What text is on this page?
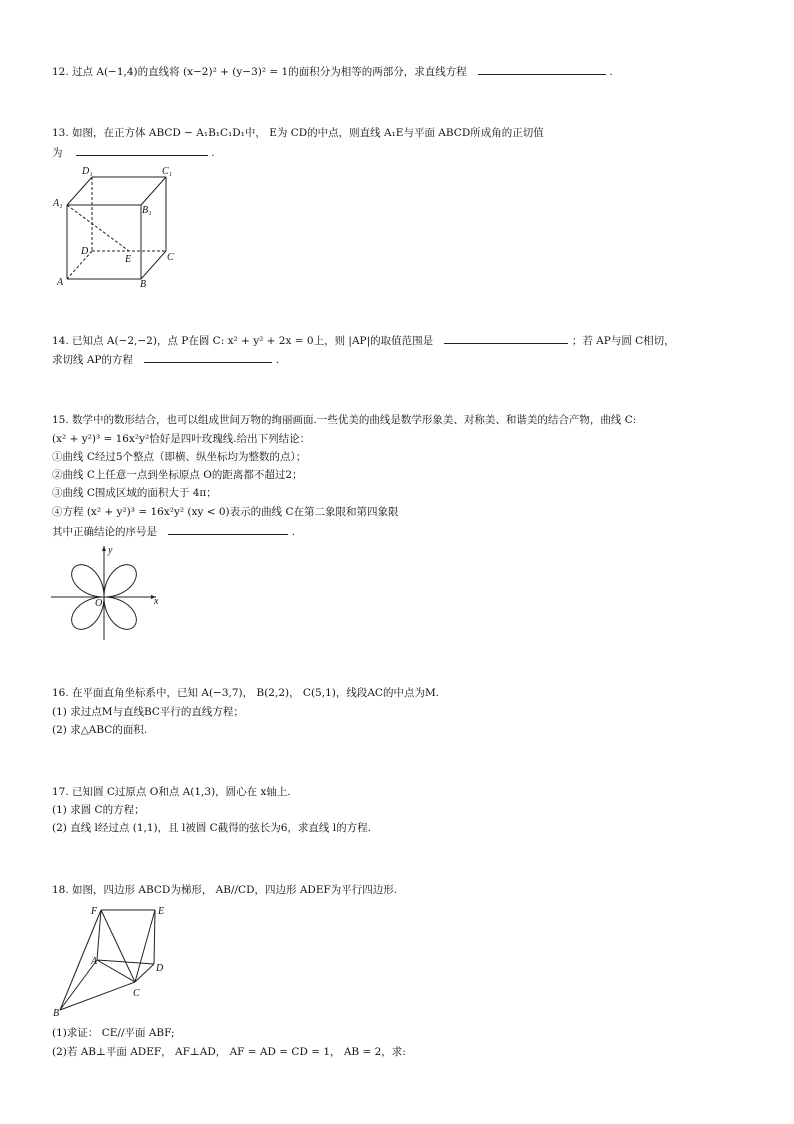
12. 过点 A(−1,4)的直线将 (x−2)² + (y−3)² = 1的面积分为相等的两部分，求直线方程	.
13. 如图，在正方体 ABCD − A₁B₁C₁D₁中， E为 CD的中点，则直线 A₁E与平面 ABCD所成角的正切值
为	.
D₁	C₁
A₁
B₁
D
E	C
A	B
14. 已知点 A(−2,−2)，点 P在圆 C: x² + y² + 2x = 0上，则 |AP|的取值范围是	；若 AP与圆 C相切，
求切线 AP的方程	.
15. 数学中的数形结合，也可以组成世间万物的绚丽画面.一些优美的曲线是数学形象美、对称美、和谐美的结合产物，曲线 C:
(x² + y²)³ = 16x²y²恰好是四叶玫瑰线.给出下列结论：
①曲线 C经过5个整点（即横、纵坐标均为整数的点）；
②曲线 C上任意一点到坐标原点 O的距离都不超过2；
③曲线 C围成区域的面积大于 4π；
④方程 (x² + y²)³ = 16x²y² (xy < 0)表示的曲线 C在第二象限和第四象限
其中正确结论的序号是	.
y
O	x
16. 在平面直角坐标系中，已知 A(−3,7)， B(2,2)， C(5,1)，线段AC的中点为M.
(1) 求过点M与直线BC平行的直线方程；
(2) 求△ABC的面积.
17. 已知圆 C过原点 O和点 A(1,3)，圆心在 x轴上.
(1) 求圆 C的方程；
(2) 直线 l经过点 (1,1)，且 l被圆 C截得的弦长为6，求直线 l的方程.
18. 如图，四边形 ABCD为梯形， AB//CD，四边形 ADEF为平行四边形.
F	E
A
D
C
B
(1)求证： CE//平面 ABF;
(2)若 AB⊥平面 ADEF， AF⊥AD， AF = AD = CD = 1， AB = 2，求:
